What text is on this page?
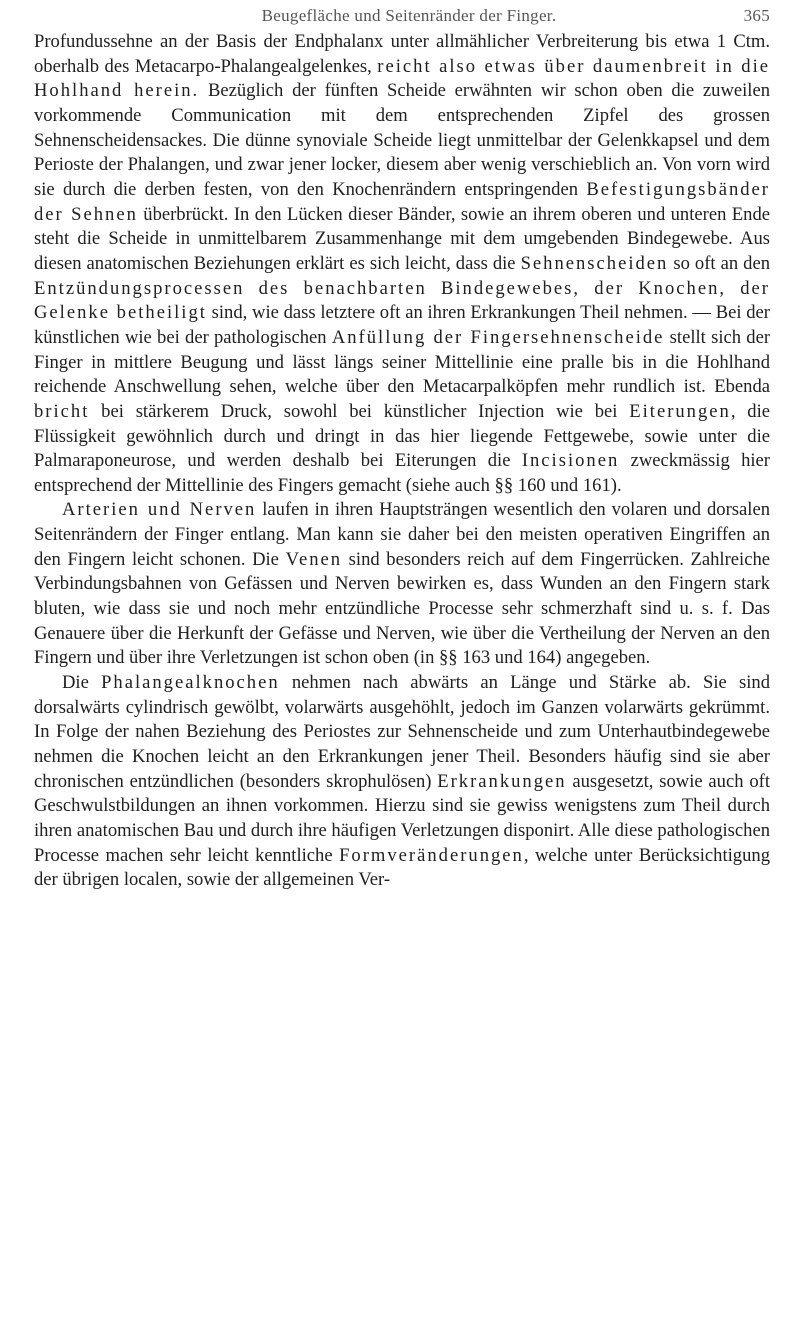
Beugefläche und Seitenränder der Finger.	365

Profundussehne an der Basis der Endphalanx unter allmählicher Verbreiterung bis etwa 1 Ctm. oberhalb des Metacarpo-Phalangealgelenkes, reicht also etwas über daumenbreit in die Hohlhand herein. Bezüglich der fünften Scheide erwähnten wir schon oben die zuweilen vorkommende Communication mit dem entsprechenden Zipfel des grossen Sehnenscheidensackes. Die dünne synoviale Scheide liegt unmittelbar der Gelenkkapsel und dem Perioste der Phalangen, und zwar jener locker, diesem aber wenig verschieblich an. Von vorn wird sie durch die derben festen, von den Knochenrändern entspringenden Befestigungsbänder der Sehnen überbrückt. In den Lücken dieser Bänder, sowie an ihrem oberen und unteren Ende steht die Scheide in unmittelbarem Zusammenhange mit dem umgebenden Bindegewebe. Aus diesen anatomischen Beziehungen erklärt es sich leicht, dass die Sehnenscheiden so oft an den Entzündungsprocessen des benachbarten Bindegewebes, der Knochen, der Gelenke betheiligt sind, wie dass letztere oft an ihren Erkrankungen Theil nehmen. — Bei der künstlichen wie bei der pathologischen Anfüllung der Fingersehnenscheide stellt sich der Finger in mittlere Beugung und lässt längs seiner Mittellinie eine pralle bis in die Hohlhand reichende Anschwellung sehen, welche über den Metacarpalköpfen mehr rundlich ist. Ebenda bricht bei stärkerem Druck, sowohl bei künstlicher Injection wie bei Eiterungen, die Flüssigkeit gewöhnlich durch und dringt in das hier liegende Fettgewebe, sowie unter die Palmaraponeurose, und werden deshalb bei Eiterungen die Incisionen zweckmässig hier entsprechend der Mittellinie des Fingers gemacht (siehe auch §§ 160 und 161).

Arterien und Nerven laufen in ihren Hauptsträngen wesentlich den volaren und dorsalen Seitenrändern der Finger entlang. Man kann sie daher bei den meisten operativen Eingriffen an den Fingern leicht schonen. Die Venen sind besonders reich auf dem Fingerrücken. Zahlreiche Verbindungsbahnen von Gefässen und Nerven bewirken es, dass Wunden an den Fingern stark bluten, wie dass sie und noch mehr entzündliche Processe sehr schmerzhaft sind u. s. f. Das Genauere über die Herkunft der Gefässe und Nerven, wie über die Vertheilung der Nerven an den Fingern und über ihre Verletzungen ist schon oben (in §§ 163 und 164) angegeben.

Die Phalangealknochen nehmen nach abwärts an Länge und Stärke ab. Sie sind dorsalwärts cylindrisch gewölbt, volarwärts ausgehöhlt, jedoch im Ganzen volarwärts gekrümmt. In Folge der nahen Beziehung des Periostes zur Sehnenscheide und zum Unterhautbindegewebe nehmen die Knochen leicht an den Erkrankungen jener Theil. Besonders häufig sind sie aber chronischen entzündlichen (besonders skrophulösen) Erkrankungen ausgesetzt, sowie auch oft Geschwulstbildungen an ihnen vorkommen. Hierzu sind sie gewiss wenigstens zum Theil durch ihren anatomischen Bau und durch ihre häufigen Verletzungen disponirt. Alle diese pathologischen Processe machen sehr leicht kenntliche Formveränderungen, welche unter Berücksichtigung der übrigen localen, sowie der allgemeinen Ver-
